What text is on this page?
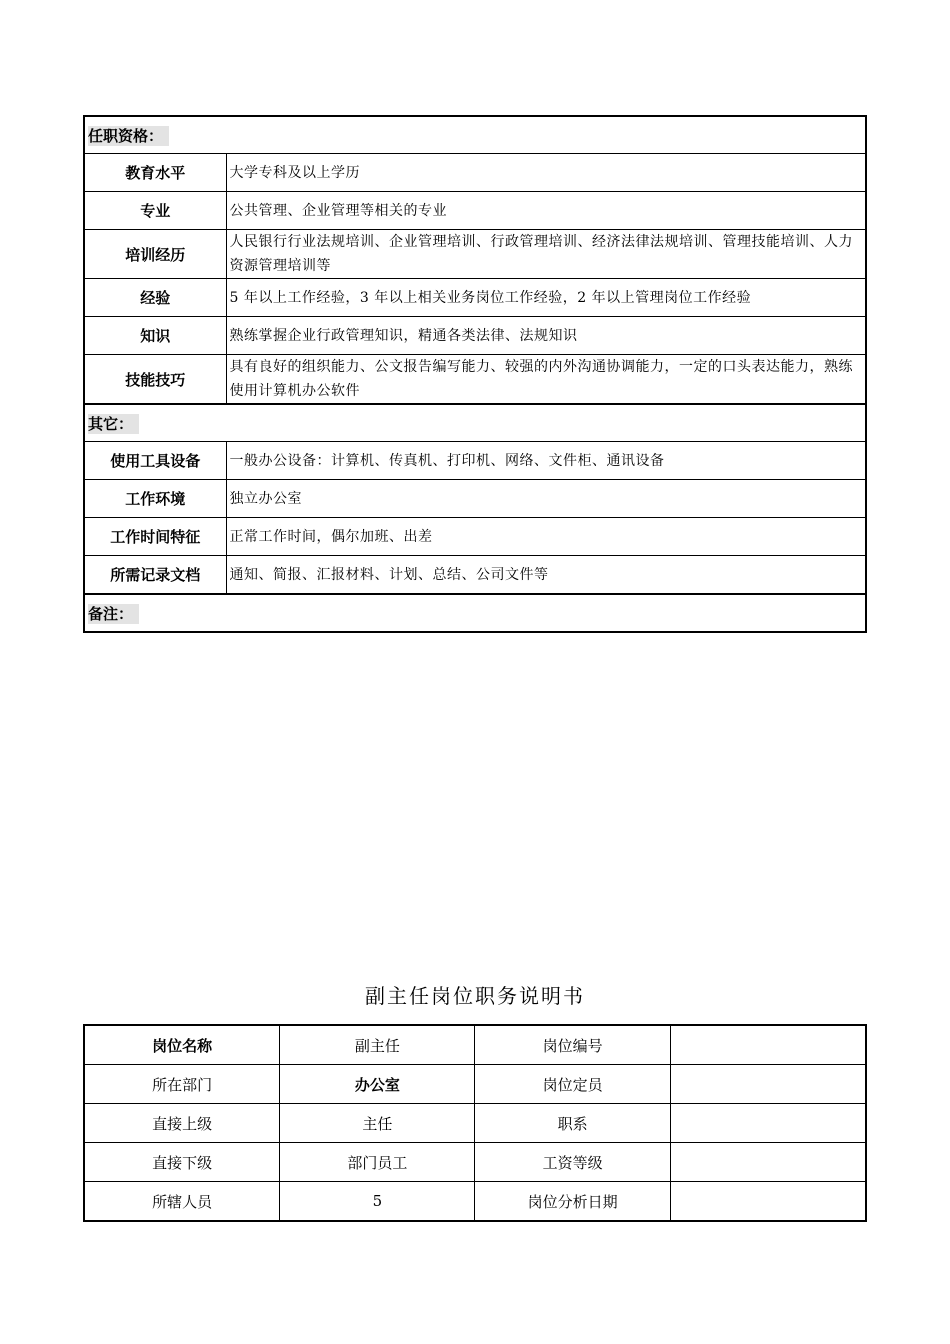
任职资格：	
教育水平	大学专科及以上学历
专业	公共管理、企业管理等相关的专业
培训经历	人民银行行业法规培训、企业管理培训、行政管理培训、经济法律法规培训、管理技能培训、人力资源管理培训等
经验	5 年以上工作经验，3 年以上相关业务岗位工作经验，2 年以上管理岗位工作经验
知识	熟练掌握企业行政管理知识，精通各类法律、法规知识
技能技巧	具有良好的组织能力、公文报告编写能力、较强的内外沟通协调能力，一定的口头表达能力，熟练使用计算机办公软件
其它：	
使用工具设备	一般办公设备：计算机、传真机、打印机、网络、文件柜、通讯设备
工作环境	独立办公室
工作时间特征	正常工作时间，偶尔加班、出差
所需记录文档	通知、简报、汇报材料、计划、总结、公司文件等
备注：	
副主任岗位职务说明书
岗位名称	副主任	岗位编号	
所在部门	办公室	岗位定员	
直接上级	主任	职系	
直接下级	部门员工	工资等级	
所辖人员	5	岗位分析日期	
